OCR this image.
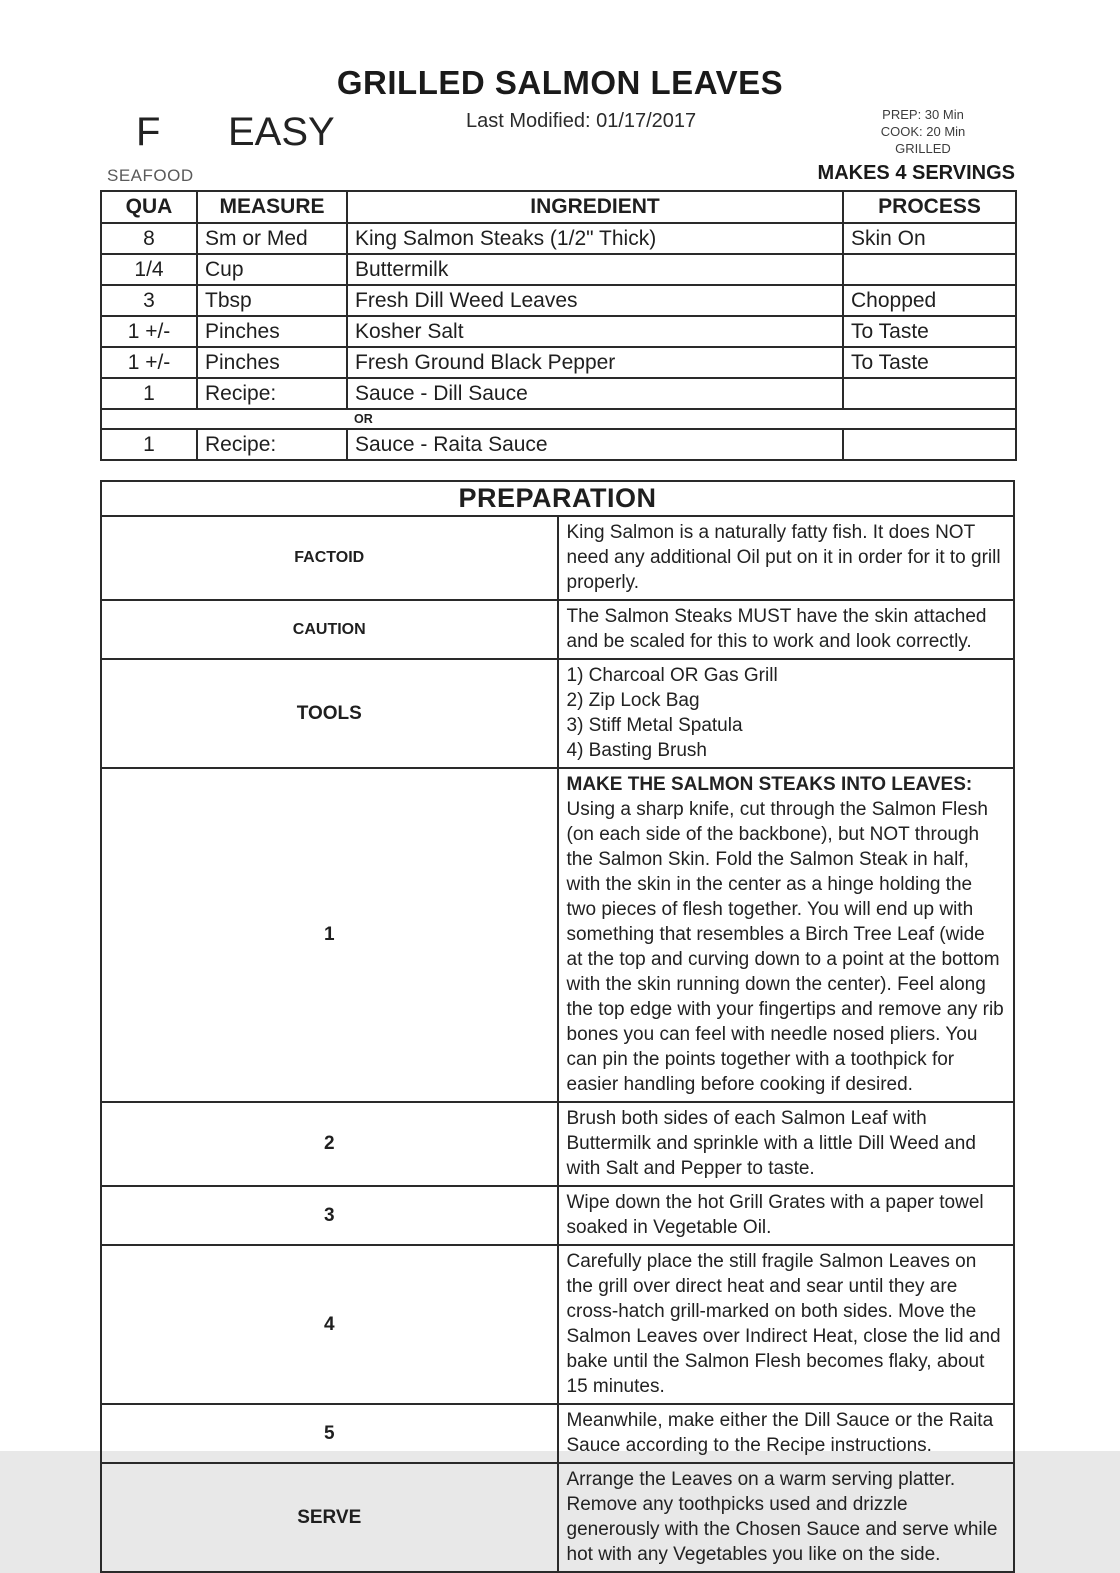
GRILLED SALMON LEAVES
F EASY	Last Modified: 01/17/2017	PREP: 30 Min
COOK: 20 Min
GRILLED
SEAFOOD	MAKES 4 SERVINGS
QUA	MEASURE	INGREDIENT	PROCESS
8	Sm or Med	King Salmon Steaks (1/2" Thick)	Skin On
1/4	Cup	Buttermilk	
3	Tbsp	Fresh Dill Weed Leaves	Chopped
1 +/-	Pinches	Kosher Salt	To Taste
1 +/-	Pinches	Fresh Ground Black Pepper	To Taste
1	Recipe:	Sauce - Dill Sauce	
OR			
1	Recipe:	Sauce - Raita Sauce	
PREPARATION	
FACTOID	King Salmon is a naturally fatty fish. It does NOT need any additional Oil put on it in order for it to grill properly.
CAUTION	The Salmon Steaks MUST have the skin attached and be scaled for this to work and look correctly.
TOOLS	1) Charcoal OR Gas Grill
2) Zip Lock Bag
3) Stiff Metal Spatula
4) Basting Brush

1	MAKE THE SALMON STEAKS INTO LEAVES: Using a sharp knife, cut through the Salmon Flesh (on each side of the backbone), but NOT through the Salmon Skin. Fold the Salmon Steak in half, with the skin in the center as a hinge holding the two pieces of flesh together. You will end up with something that resembles a Birch Tree Leaf (wide at the top and curving down to a point at the bottom with the skin running down the center). Feel along the top edge with your fingertips and remove any rib bones you can feel with needle nosed pliers. You can pin the points together with a toothpick for easier handling before cooking if desired.
2	Brush both sides of each Salmon Leaf with Buttermilk and sprinkle with a little Dill Weed and with Salt and Pepper to taste.
3	Wipe down the hot Grill Grates with a paper towel soaked in Vegetable Oil.
4	Carefully place the still fragile Salmon Leaves on the grill over direct heat and sear until they are cross-hatch grill-marked on both sides. Move the Salmon Leaves over Indirect Heat, close the lid and bake until the Salmon Flesh becomes flaky, about 15 minutes.
5	Meanwhile, make either the Dill Sauce or the Raita Sauce according to the Recipe instructions.
SERVE	Arrange the Leaves on a warm serving platter. Remove any toothpicks used and drizzle generously with the Chosen Sauce and serve while hot with any Vegetables you like on the side.
